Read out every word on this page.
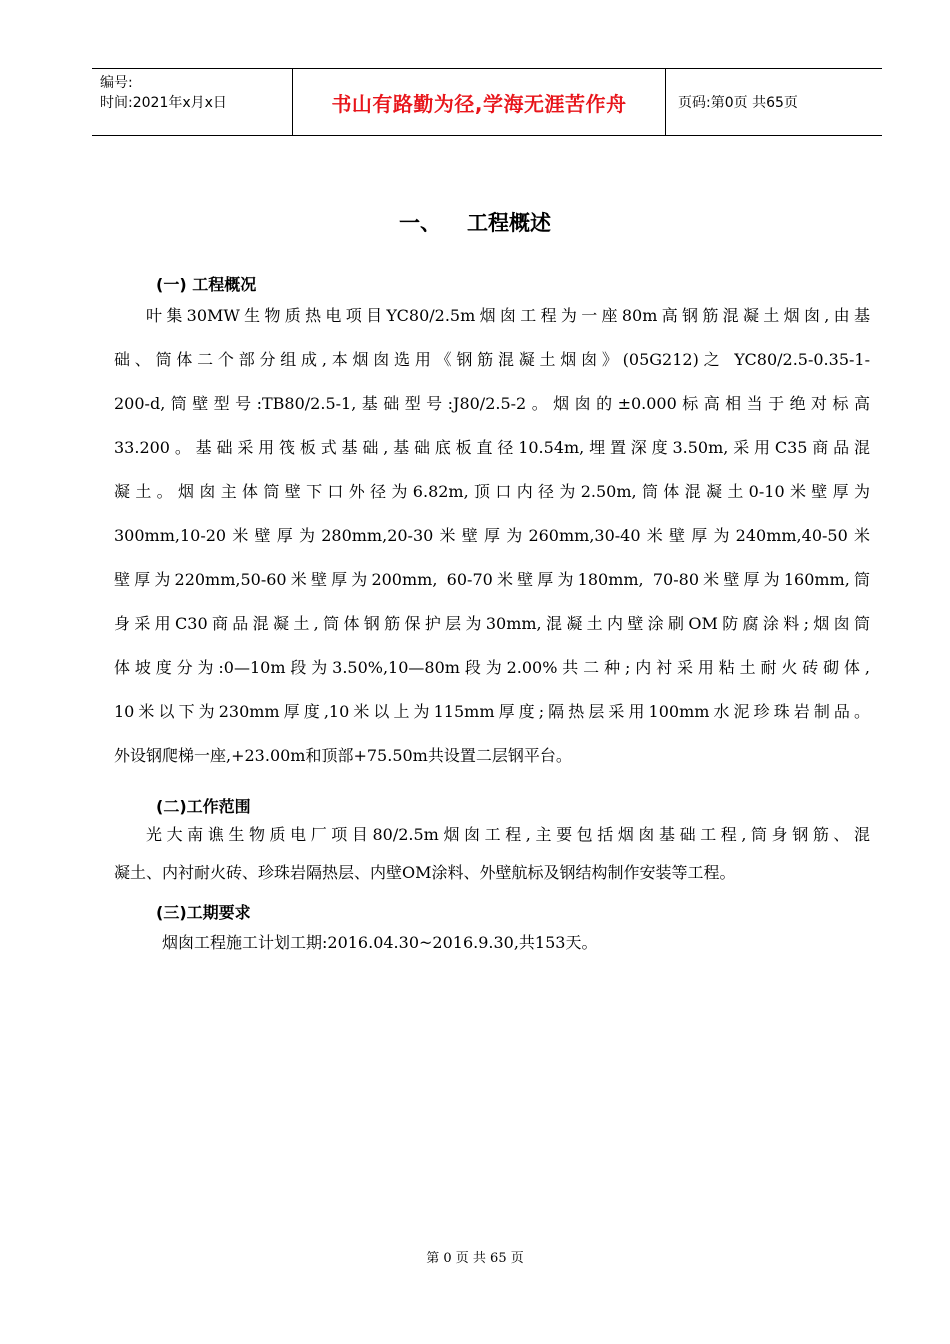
编号:
时间:2021年x月x日	书山有路勤为径,学海无涯苦作舟	页码:第0页 共65页
一、 工程概述
(一) 工程概况
叶集30MW生物质热电项目YC80/2.5m烟囱工程为一座80m高钢筋混凝土烟囱,由基
础、筒体二个部分组成,本烟囱选用《钢筋混凝土烟囱》(05G212)之 YC80/2.5-0.35-1-
200-d,筒壁型号:TB80/2.5-1,基础型号:J80/2.5-2。烟囱的±0.000标高相当于绝对标高
33.200。基础采用筏板式基础,基础底板直径10.54m,埋置深度3.50m,采用C35商品混
凝土。烟囱主体筒壁下口外径为6.82m,顶口内径为2.50m,筒体混凝土0-10米壁厚为
300mm,10-20米壁厚为280mm,20-30米壁厚为260mm,30-40米壁厚为240mm,40-50米
壁厚为220mm,50-60米壁厚为200mm, 60-70米壁厚为180mm, 70-80米壁厚为160mm,筒
身采用C30商品混凝土,筒体钢筋保护层为30mm,混凝土内壁涂刷OM防腐涂料;烟囱筒
体坡度分为:0—10m段为3.50%,10—80m段为2.00%共二种;内衬采用粘土耐火砖砌体,
10米以下为230mm厚度,10米以上为115mm厚度;隔热层采用100mm水泥珍珠岩制品。
外设钢爬梯一座,+23.00m和顶部+75.50m共设置二层钢平台。
(二)工作范围
光大南谯生物质电厂项目80/2.5m烟囱工程,主要包括烟囱基础工程,筒身钢筋、混
凝土、内衬耐火砖、珍珠岩隔热层、内壁OM涂料、外壁航标及钢结构制作安装等工程。
(三)工期要求
烟囱工程施工计划工期:2016.04.30~2016.9.30,共153天。
第 0 页 共 65 页
